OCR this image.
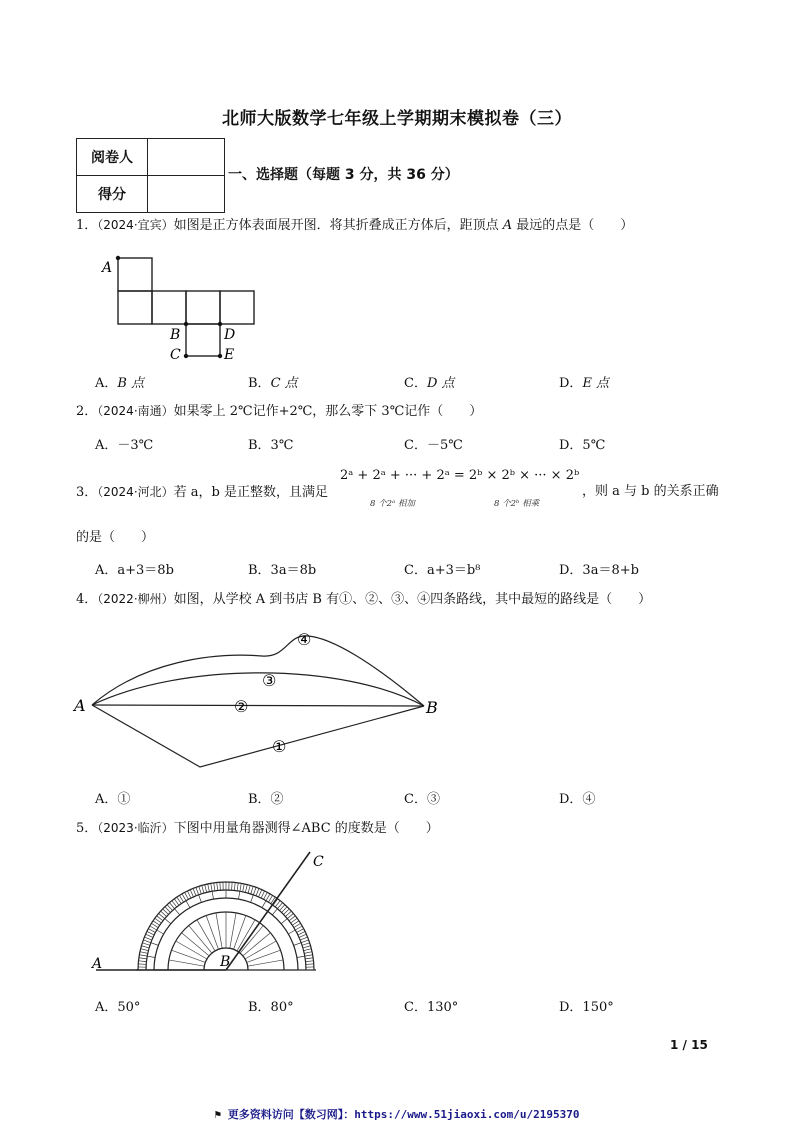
北师大版数学七年级上学期期末模拟卷（三）
阅卷人	
得分	
一、选择题（每题 3 分，共 36 分）
1．（2024·宜宾）如图是正方体表面展开图．将其折叠成正方体后，距顶点 A 最远的点是（　　）
A
B	D
C	E
A．B 点	B．C 点	C．D 点	D．E 点
2．（2024·南通）如果零上 2℃记作+2℃，那么零下 3℃记作（　　）
A．－3℃	B．3℃	C．－5℃	D．5℃
3．（2024·河北）若 a，b 是正整数，且满足
2ᵃ + 2ᵃ + ··· + 2ᵃ = 2ᵇ × 2ᵇ × ··· × 2ᵇ
8 个2ᵃ 相加	8 个2ᵇ 相乘
，则 a 与 b 的关系正确
的是（　　）
A．a+3＝8b	B．3a＝8b	C．a+3＝b⁸	D．3a＝8+b
4．（2022·柳州）如图，从学校 A 到书店 B 有①、②、③、④四条路线，其中最短的路线是（　　）
④
③
②
①
A	B
A．①	B．②	C．③	D．④
5．（2023·临沂）下图中用量角器测得∠ABC 的度数是（　　）
A	B
C
A．50°	B．80°	C．130°	D．150°
1 / 15
⚑ 更多资料访问【数习网】：https://www.51jiaoxi.com/u/2195370
